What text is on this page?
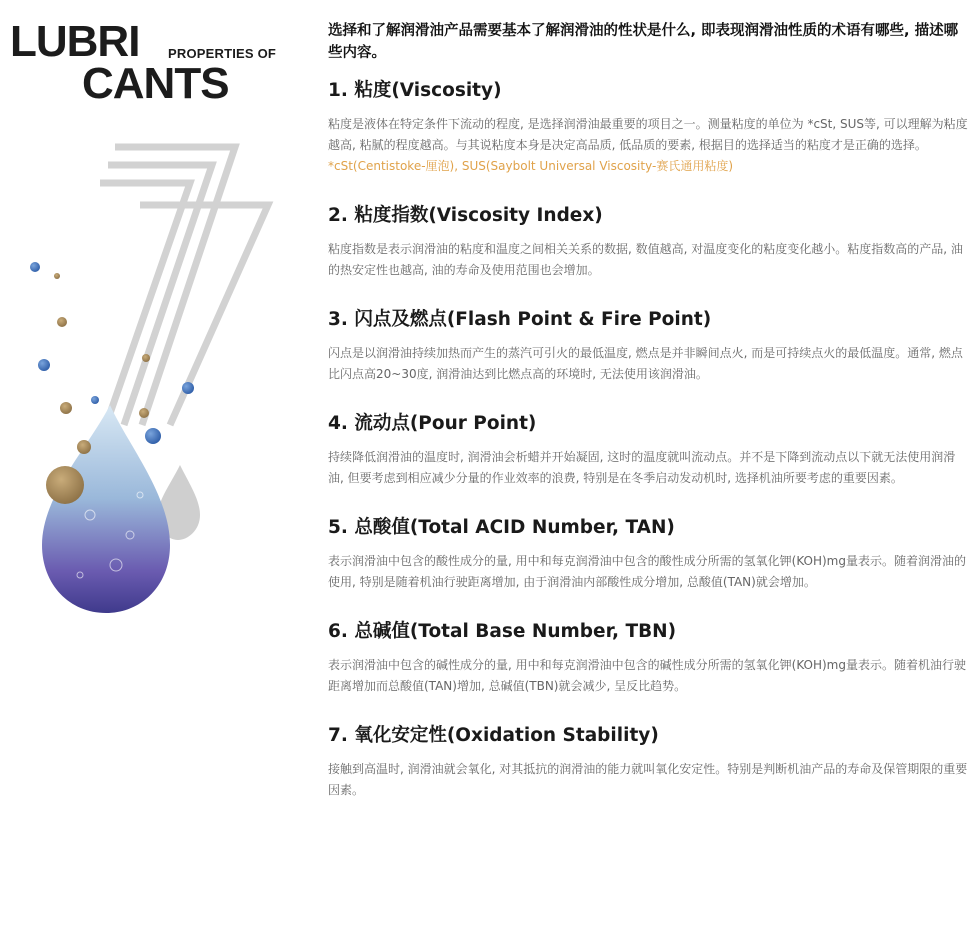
LUBRI PROPERTIES OF
CANTS

选择和了解润滑油产品需要基本了解润滑油的性状是什么, 即表现润滑油性质的术语有哪些, 描述哪些内容。

1. 粘度(Viscosity)

粘度是液体在特定条件下流动的程度, 是选择润滑油最重要的项目之一。测量粘度的单位为 *cSt, SUS等, 可以理解为粘度越高, 粘腻的程度越高。与其说粘度本身是决定高品质, 低品质的要素, 根据目的选择适当的粘度才是正确的选择。

*cSt(Centistoke-厘泡), SUS(Saybolt Universal Viscosity-赛氏通用粘度)

2. 粘度指数(Viscosity Index)

粘度指数是表示润滑油的粘度和温度之间相关关系的数据, 数值越高, 对温度变化的粘度变化越小。粘度指数高的产品, 油的热安定性也越高, 油的寿命及使用范围也会增加。

3. 闪点及燃点(Flash Point & Fire Point)

闪点是以润滑油持续加热而产生的蒸汽可引火的最低温度, 燃点是并非瞬间点火, 而是可持续点火的最低温度。通常, 燃点比闪点高20~30度, 润滑油达到比燃点高的环境时, 无法使用该润滑油。

4. 流动点(Pour Point)

持续降低润滑油的温度时, 润滑油会析蜡并开始凝固, 这时的温度就叫流动点。并不是下降到流动点以下就无法使用润滑油, 但要考虑到相应减少分量的作业效率的浪费, 特别是在冬季启动发动机时, 选择机油所要考虑的重要因素。

5. 总酸值(Total ACID Number, TAN)

表示润滑油中包含的酸性成分的量, 用中和每克润滑油中包含的酸性成分所需的氢氧化钾(KOH)mg量表示。随着润滑油的使用, 特别是随着机油行驶距离增加, 由于润滑油内部酸性成分增加, 总酸值(TAN)就会增加。

6. 总碱值(Total Base Number, TBN)

表示润滑油中包含的碱性成分的量, 用中和每克润滑油中包含的碱性成分所需的氢氧化钾(KOH)mg量表示。随着机油行驶距离增加而总酸值(TAN)增加, 总碱值(TBN)就会减少, 呈反比趋势。

7. 氧化安定性(Oxidation Stability)

接触到高温时, 润滑油就会氧化, 对其抵抗的润滑油的能力就叫氧化安定性。特别是判断机油产品的寿命及保管期限的重要因素。
